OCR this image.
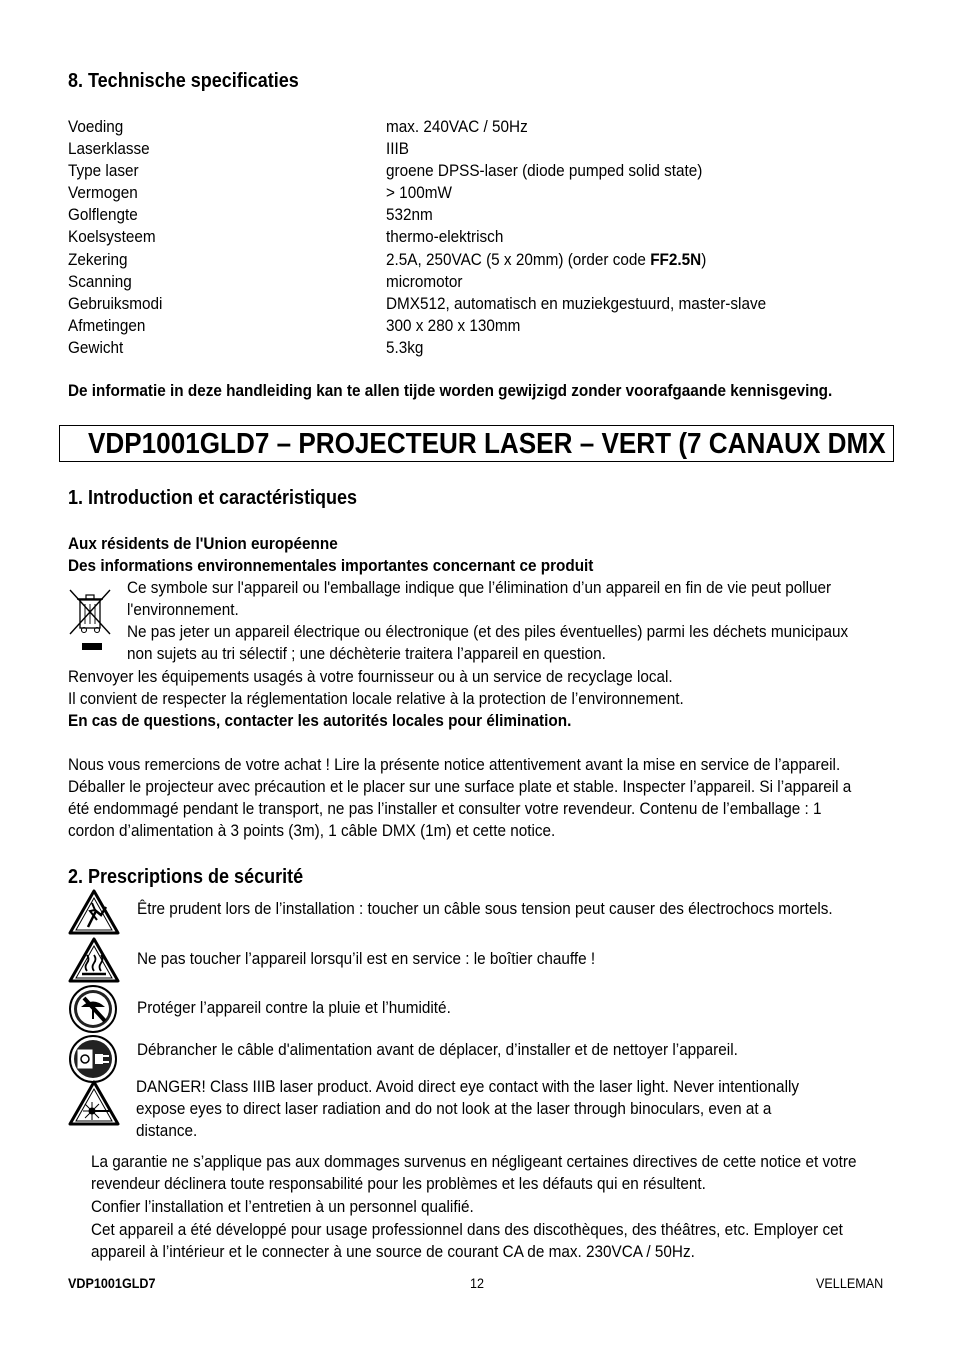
8. Technische specificaties
Voeding	max. 240VAC / 50Hz
Laserklasse	IIIB
Type laser	groene DPSS-laser (diode pumped solid state)
Vermogen	> 100mW
Golflengte	532nm
Koelsysteem	thermo-elektrisch
Zekering	2.5A, 250VAC (5 x 20mm) (order code FF2.5N)
Scanning	micromotor
Gebruiksmodi	DMX512, automatisch en muziekgestuurd, master-slave
Afmetingen	300 x 280 x 130mm
Gewicht	5.3kg
De informatie in deze handleiding kan te allen tijde worden gewijzigd zonder voorafgaande kennisgeving.
VDP1001GLD7 – PROJECTEUR LASER – VERT (7 CANAUX DMX
1. Introduction et caractéristiques
Aux résidents de l'Union européenne
Des informations environnementales importantes concernant ce produit
Ce symbole sur l'appareil ou l'emballage indique que l’élimination d’un appareil en fin de vie peut polluer
l'environnement.
Ne pas jeter un appareil électrique ou électronique (et des piles éventuelles) parmi les déchets municipaux
non sujets au tri sélectif ; une déchèterie traitera l’appareil en question.
Renvoyer les équipements usagés à votre fournisseur ou à un service de recyclage local.
Il convient de respecter la réglementation locale relative à la protection de l’environnement.
En cas de questions, contacter les autorités locales pour élimination.
Nous vous remercions de votre achat ! Lire la présente notice attentivement avant la mise en service de l’appareil.
Déballer le projecteur avec précaution et le placer sur une surface plate et stable. Inspecter l’appareil. Si l’appareil a
été endommagé pendant le transport, ne pas l’installer et consulter votre revendeur. Contenu de l’emballage : 1
cordon d’alimentation à 3 points (3m), 1 câble DMX (1m) et cette notice.
2. Prescriptions de sécurité
Être prudent lors de l’installation : toucher un câble sous tension peut causer des électrochocs mortels.
Ne pas toucher l’appareil lorsqu’il est en service : le boîtier chauffe !
Protéger l’appareil contre la pluie et l’humidité.
Débrancher le câble d'alimentation avant de déplacer, d’installer et de nettoyer l’appareil.
DANGER! Class IIIB laser product. Avoid direct eye contact with the laser light. Never intentionally
expose eyes to direct laser radiation and do not look at the laser through binoculars, even at a
distance.
La garantie ne s’applique pas aux dommages survenus en négligeant certaines directives de cette notice et votre
revendeur déclinera toute responsabilité pour les problèmes et les défauts qui en résultent.
Confier l’installation et l’entretien à un personnel qualifié.
Cet appareil a été développé pour usage professionnel dans des discothèques, des théâtres, etc. Employer cet
appareil à l’intérieur et le connecter à une source de courant CA de max. 230VCA / 50Hz.
VDP1001GLD7	12	VELLEMAN
